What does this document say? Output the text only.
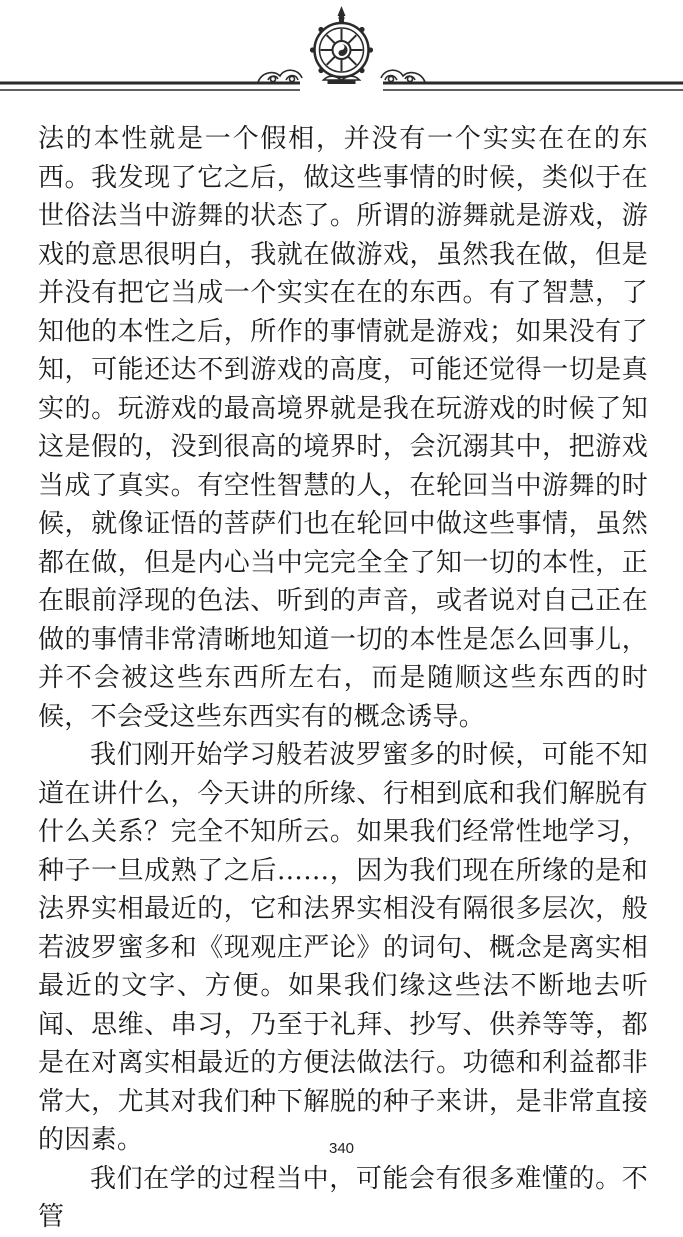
法的本性就是一个假相，并没有一个实实在在的东西。我发现了它之后，做这些事情的时候，类似于在世俗法当中游舞的状态了。所谓的游舞就是游戏，游戏的意思很明白，我就在做游戏，虽然我在做，但是并没有把它当成一个实实在在的东西。有了智慧，了知他的本性之后，所作的事情就是游戏；如果没有了知，可能还达不到游戏的高度，可能还觉得一切是真实的。玩游戏的最高境界就是我在玩游戏的时候了知这是假的，没到很高的境界时，会沉溺其中，把游戏当成了真实。有空性智慧的人，在轮回当中游舞的时候，就像证悟的菩萨们也在轮回中做这些事情，虽然都在做，但是内心当中完完全全了知一切的本性，正在眼前浮现的色法、听到的声音，或者说对自己正在做的事情非常清晰地知道一切的本性是怎么回事儿，并不会被这些东西所左右，而是随顺这些东西的时候，不会受这些东西实有的概念诱导。

我们刚开始学习般若波罗蜜多的时候，可能不知道在讲什么，今天讲的所缘、行相到底和我们解脱有什么关系？完全不知所云。如果我们经常性地学习，种子一旦成熟了之后……，因为我们现在所缘的是和法界实相最近的，它和法界实相没有隔很多层次，般若波罗蜜多和《现观庄严论》的词句、概念是离实相最近的文字、方便。如果我们缘这些法不断地去听闻、思维、串习，乃至于礼拜、抄写、供养等等，都是在对离实相最近的方便法做法行。功德和利益都非常大，尤其对我们种下解脱的种子来讲，是非常直接的因素。

我们在学的过程当中，可能会有很多难懂的。不管

340
